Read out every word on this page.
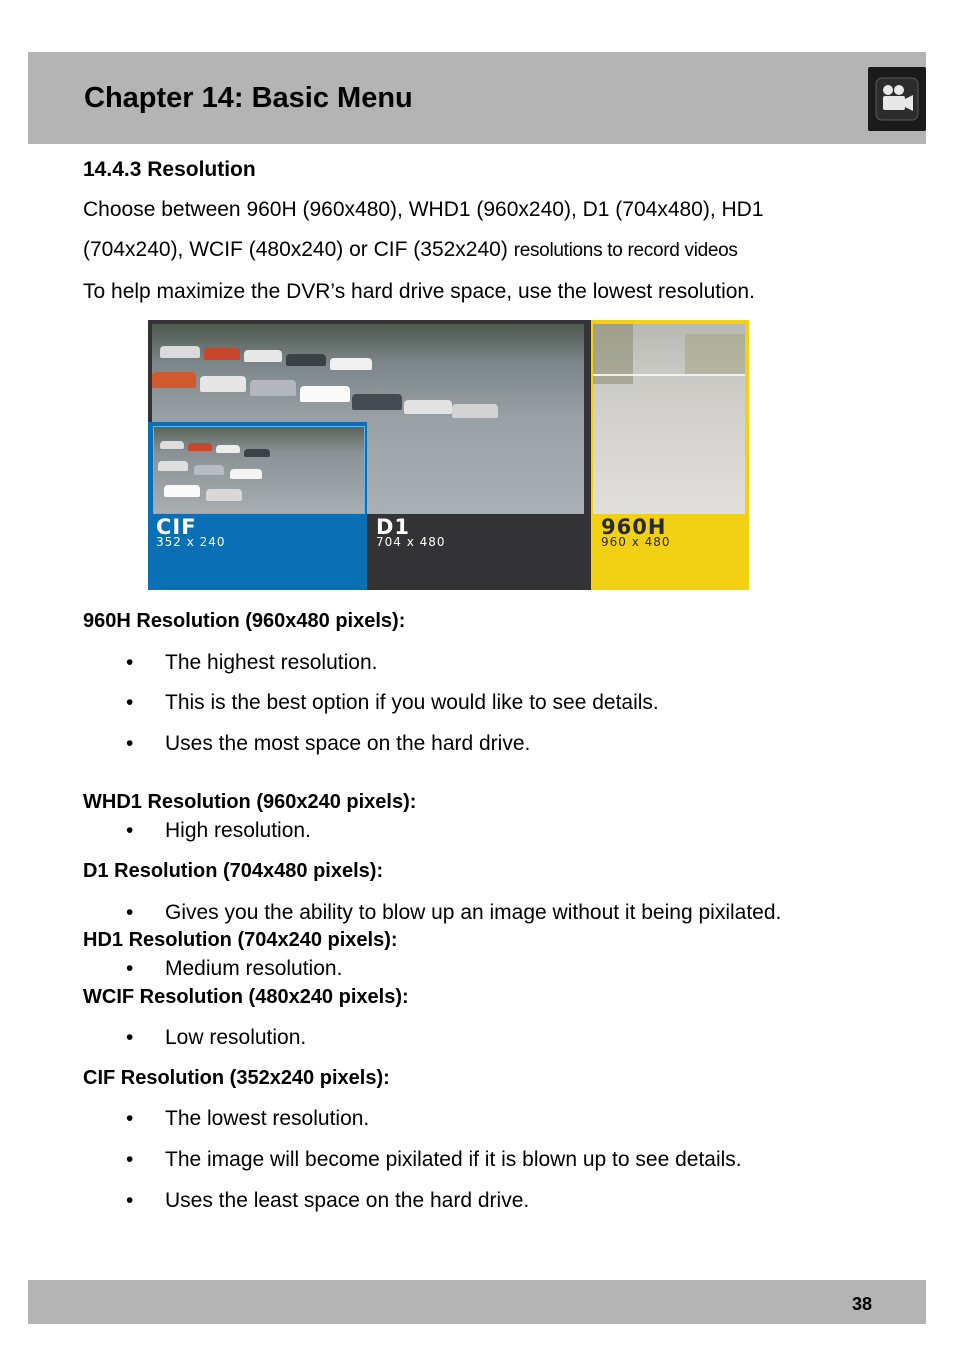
Chapter 14: Basic Menu

14.4.3 Resolution

Choose between 960H (960x480), WHD1 (960x240), D1 (704x480), HD1

(704x240), WCIF (480x240) or CIF (352x240) resolutions to record videos

To help maximize the DVR’s hard drive space, use the lowest resolution.

960H
960 x 480
D1
704 x 480
CIF
352 x 240

960H Resolution (960x480 pixels):

• The highest resolution.

• This is the best option if you would like to see details.

• Uses the most space on the hard drive.

WHD1 Resolution (960x240 pixels):

• High resolution.

D1 Resolution (704x480 pixels):

• Gives you the ability to blow up an image without it being pixilated.

HD1 Resolution (704x240 pixels):

• Medium resolution.

WCIF Resolution (480x240 pixels):

• Low resolution.

CIF Resolution (352x240 pixels):

• The lowest resolution.

• The image will become pixilated if it is blown up to see details.

• Uses the least space on the hard drive.

38
